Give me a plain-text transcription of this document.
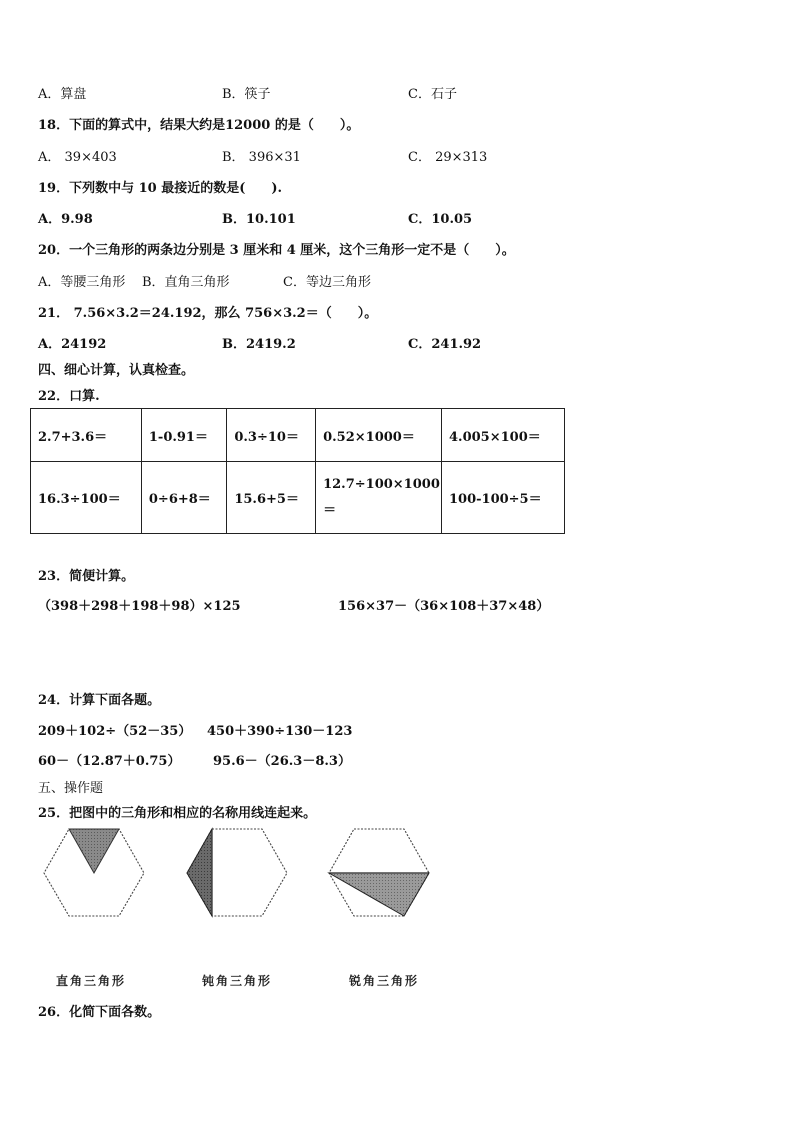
A．算盘	B．筷子	C．石子
18．下面的算式中，结果大约是12000 的是（　　）。
A． 39×403	B． 396×31	C． 29×313
19．下列数中与 10 最接近的数是(　　).
A．9.98	B．10.101	C．10.05
20．一个三角形的两条边分别是 3 厘米和 4 厘米，这个三角形一定不是（　　）。
A．等腰三角形 B．直角三角形	C．等边三角形
21． 7.56×3.2＝24.192，那么 756×3.2＝（　　）。
A．24192	B．2419.2	C．241.92
四、细心计算，认真检查。
22．口算.
2.7+3.6＝	1-0.91＝	0.3÷10＝	0.52×1000＝	4.005×100＝
16.3÷100＝	0÷6+8＝	15.6+5＝	12.7÷100×1000＝	100-100÷5＝
23．简便计算。
（398＋298＋198＋98）×125	156×37－（36×108＋37×48）
24．计算下面各题。
209＋102÷（52－35） 450＋390÷130－123
60－（12.87＋0.75）	95.6－（26.3－8.3）
五、操作题
25．把图中的三角形和相应的名称用线连起来。
直角三角形	钝角三角形	锐角三角形
26．化简下面各数。
